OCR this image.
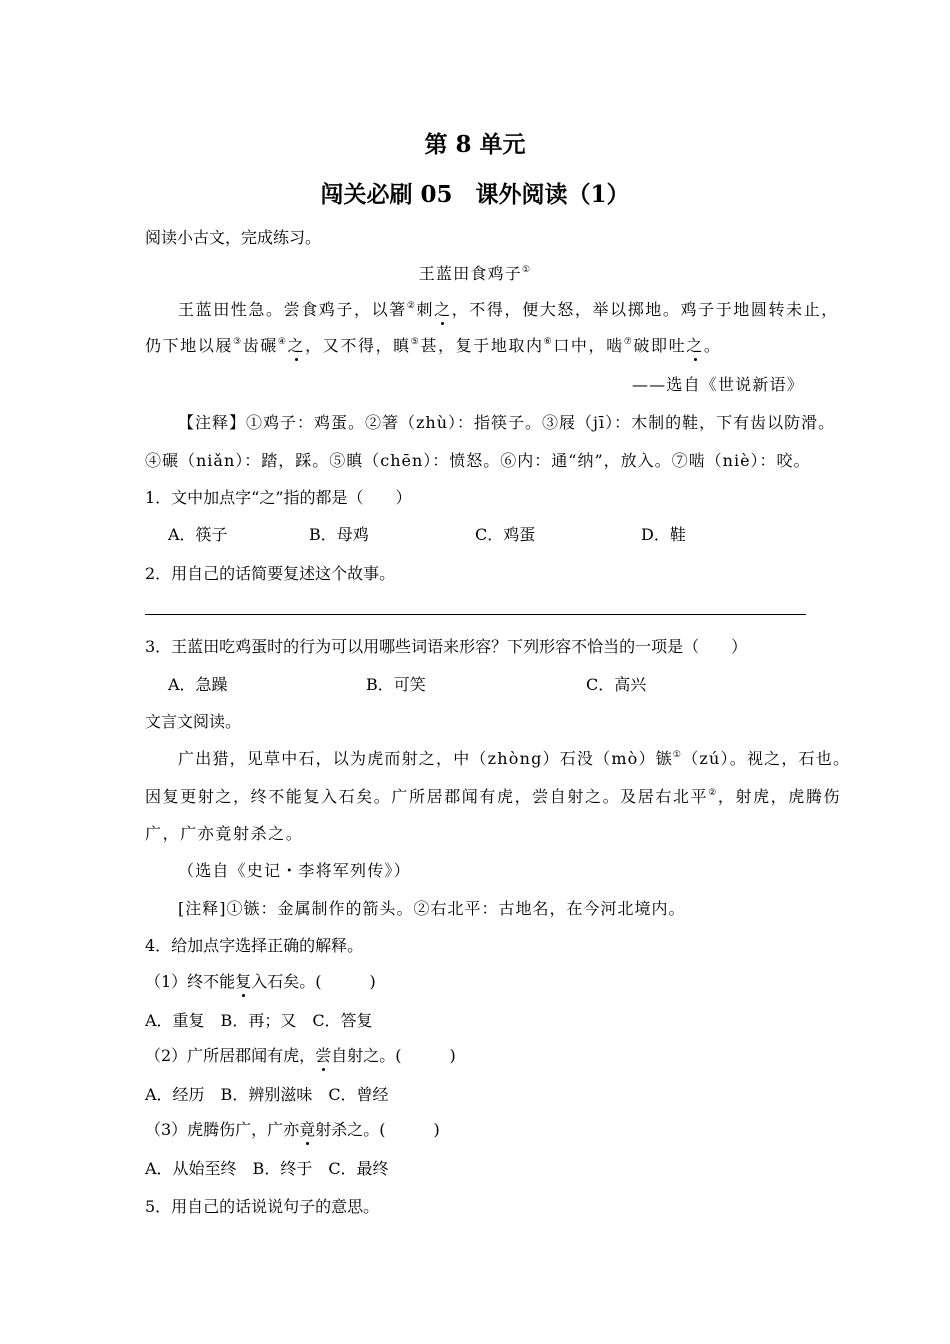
第 8 单元
闯关必刷 05　课外阅读（1）
阅读小古文，完成练习。
王蓝田食鸡子①
王蓝田性急。尝食鸡子，以箸②刺之，不得，便大怒，举以掷地。鸡子于地圆转未止，
仍下地以屐③齿碾④之，又不得，瞋⑤甚，复于地取内⑥口中，啮⑦破即吐之。
——选自《世说新语》
【注释】①鸡子：鸡蛋。②箸（zhù）：指筷子。③屐（jī）：木制的鞋，下有齿以防滑。
④碾（niǎn）：踏，踩。⑤瞋（chēn）：愤怒。⑥内：通“纳”，放入。⑦啮（niè）：咬。
1．文中加点字“之”指的都是（　　）
A．筷子	B．母鸡	C．鸡蛋	D．鞋
2．用自己的话简要复述这个故事。
3．王蓝田吃鸡蛋时的行为可以用哪些词语来形容？下列形容不恰当的一项是（　　）
A．急躁	B．可笑	C．高兴
文言文阅读。
广出猎，见草中石，以为虎而射之，中（zhòng）石没（mò）镞①（zú）。视之，石也。
因复更射之，终不能复入石矣。广所居郡闻有虎，尝自射之。及居右北平②，射虎，虎腾伤
广，广亦竟射杀之。
（选自《史记・李将军列传》）
[注释]①镞：金属制作的箭头。②右北平：古地名，在今河北境内。
4．给加点字选择正确的解释。
（1）终不能复入石矣。(　　　)
A．重复　B．再；又　C．答复
（2）广所居郡闻有虎，尝自射之。(　　　)
A．经历　B．辨别滋味　C．曾经
（3）虎腾伤广，广亦竟射杀之。(　　　)
A．从始至终　B．终于　C．最终
5．用自己的话说说句子的意思。
